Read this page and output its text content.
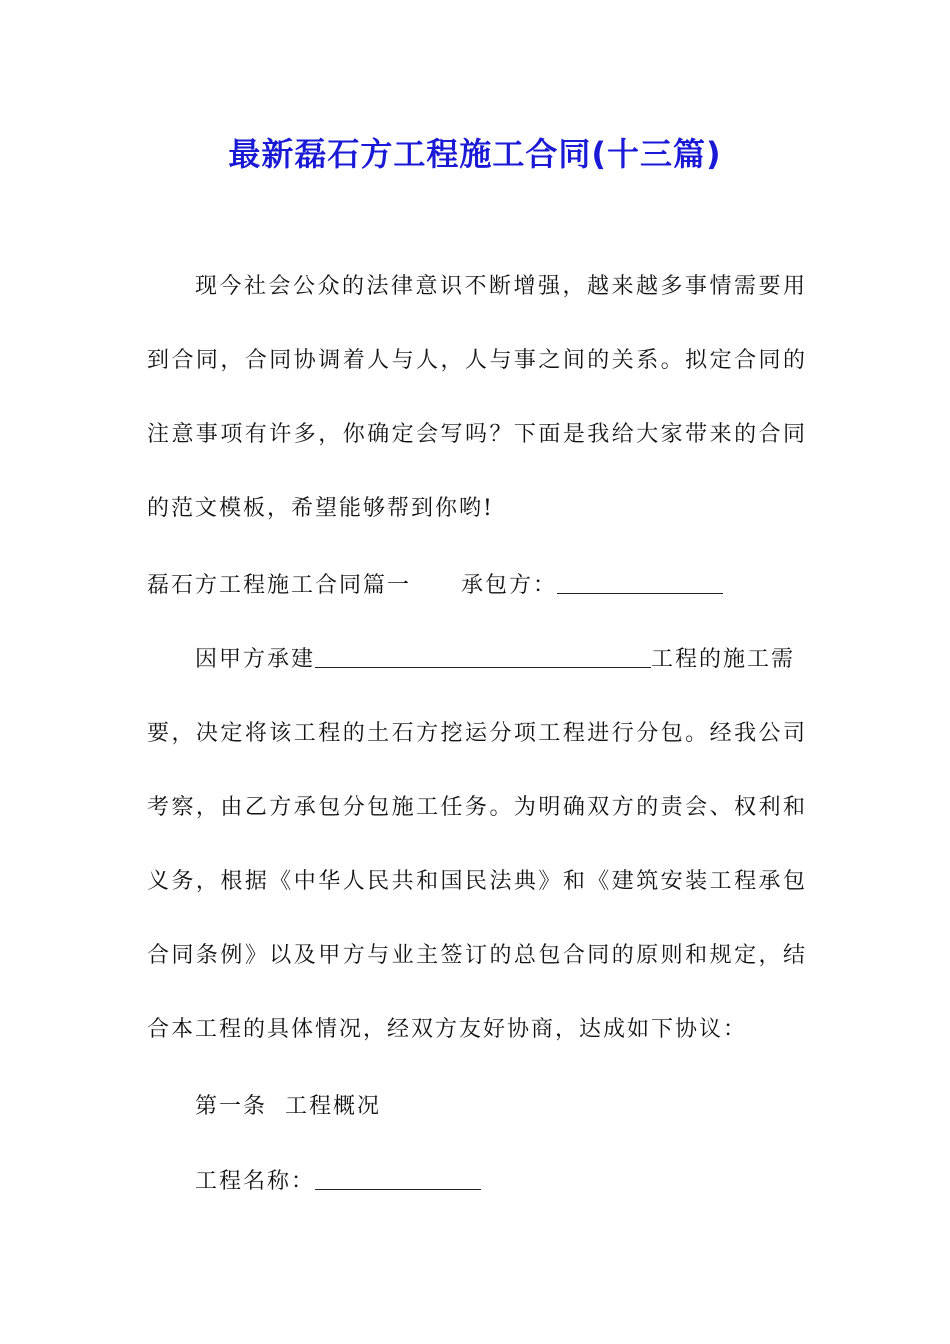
最新磊石方工程施工合同(十三篇)
现今社会公众的法律意识不断增强，越来越多事情需要用
到合同，合同协调着人与人，人与事之间的关系。拟定合同的
注意事项有许多，你确定会写吗？下面是我给大家带来的合同
的范文模板，希望能够帮到你哟!
磊石方工程施工合同篇一 承包方：
因甲方承建	工程的施工需
要，决定将该工程的土石方挖运分项工程进行分包。经我公司
考察，由乙方承包分包施工任务。为明确双方的责会、权利和
义务，根据《中华人民共和国民法典》和《建筑安装工程承包
合同条例》以及甲方与业主签订的总包合同的原则和规定，结
合本工程的具体情况，经双方友好协商，达成如下协议：
第一条  工程概况
工程名称：
